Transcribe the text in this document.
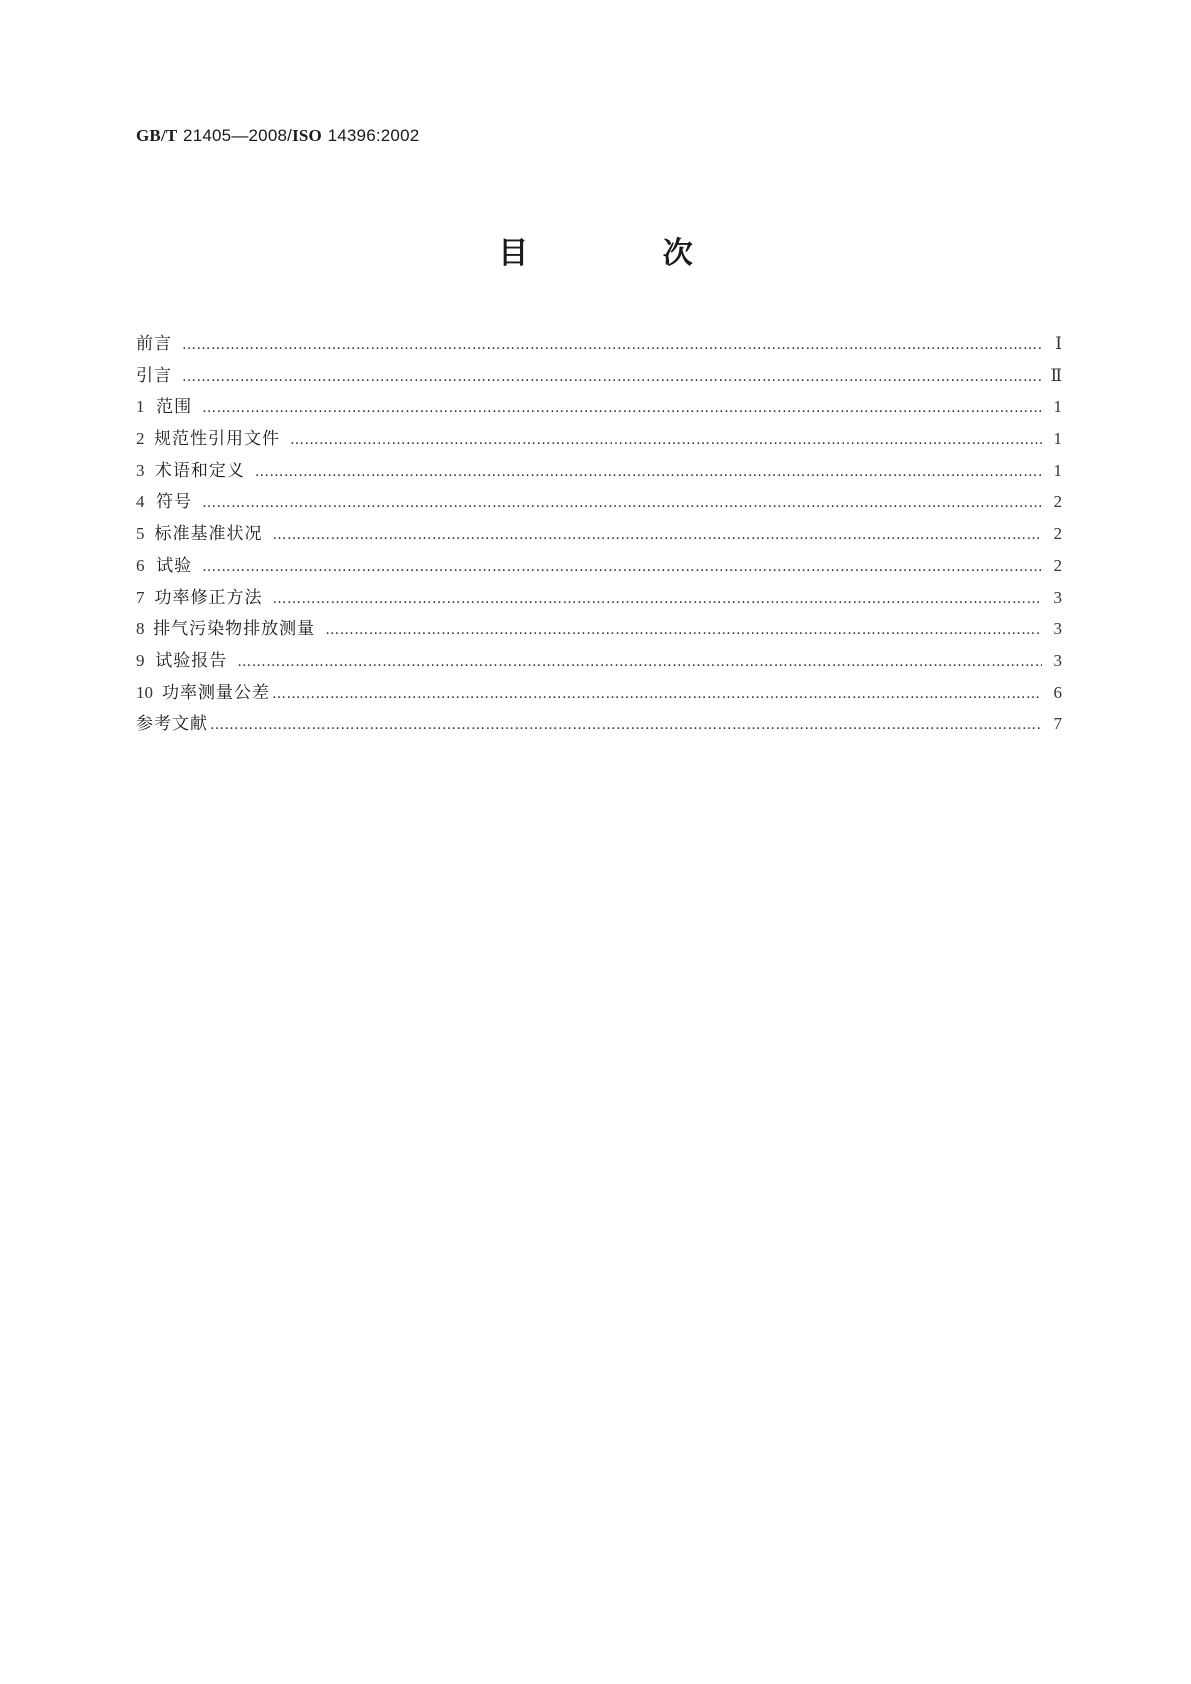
GB/T 21405—2008/ISO 14396:2002
目 次
前言 ……………………………………………………………………………………………………………………………………………………………………………………………………………………………………………………	Ⅰ
引言 ……………………………………………………………………………………………………………………………………………………………………………………………………………………………………………………	Ⅱ
1 范围 ……………………………………………………………………………………………………………………………………………………………………………………………………………………………………………………	1
2 规范性引用文件 ……………………………………………………………………………………………………………………………………………………………………………………………………………………………………………………	1
3 术语和定义 ……………………………………………………………………………………………………………………………………………………………………………………………………………………………………………………	1
4 符号 ……………………………………………………………………………………………………………………………………………………………………………………………………………………………………………………	2
5 标准基准状况 ……………………………………………………………………………………………………………………………………………………………………………………………………………………………………………………	2
6 试验 ……………………………………………………………………………………………………………………………………………………………………………………………………………………………………………………	2
7 功率修正方法 ……………………………………………………………………………………………………………………………………………………………………………………………………………………………………………………	3
8 排气污染物排放测量 ……………………………………………………………………………………………………………………………………………………………………………………………………………………………………………………	3
9 试验报告 ……………………………………………………………………………………………………………………………………………………………………………………………………………………………………………………	3
10 功率测量公差 ……………………………………………………………………………………………………………………………………………………………………………………………………………………………………………………	6
参考文献 ……………………………………………………………………………………………………………………………………………………………………………………………………………………………………………………	7
